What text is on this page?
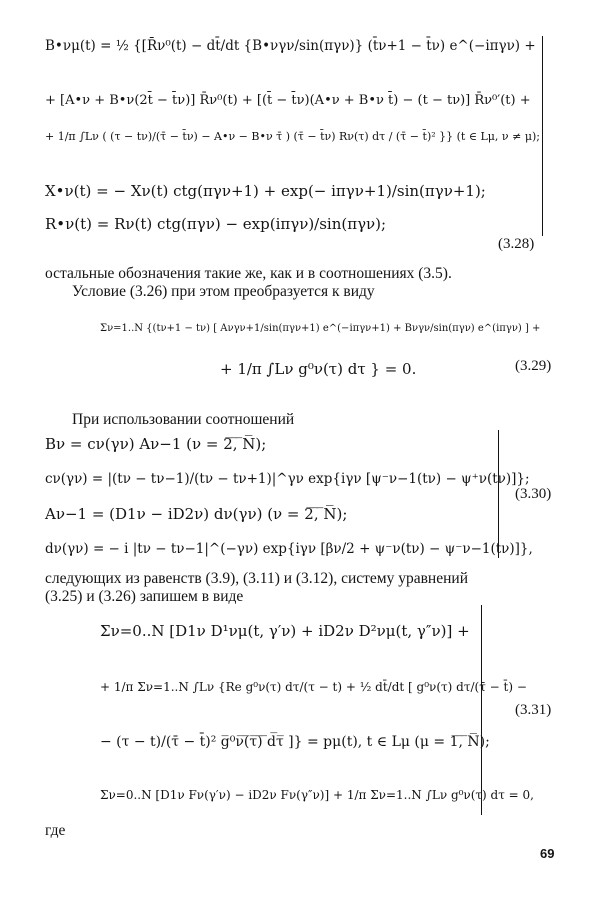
B•νμ(t) = ½ {[R̄ν⁰(t) − dt̄/dt {B•νγν/sin(πγν)} (t̄ν+1 − t̄ν) e^(−iπγν) +
+ [A•ν + B•ν(2t̄ − t̄ν)] R̄ν⁰(t) + [(t̄ − t̄ν)(A•ν + B•ν t̄) − (t − tν)] R̄ν⁰′(t) +
+ 1/π ∫Lν ( (τ − tν)/(τ̄ − t̄ν) − A•ν − B•ν τ̄ ) (τ̄ − t̄ν) Rν(τ) dτ / (τ̄ − t̄)² }} (t ∈ Lμ, ν ≠ μ);
X•ν(t) = − Xν(t) ctg(πγν+1) + exp(− iπγν+1)/sin(πγν+1);
R•ν(t) = Rν(t) ctg(πγν) − exp(iπγν)/sin(πγν);
(3.28)
остальные обозначения такие же, как и в соотношениях (3.5).
Условие (3.26) при этом преобразуется к виду
Σν=1..N {(tν+1 − tν) [ Aνγν+1/sin(πγν+1) e^(−iπγν+1) + Bνγν/sin(πγν) e^(iπγν) ] +
+ 1/π ∫Lν g⁰ν(τ) dτ } = 0.	(3.29)
При использовании соотношений
Bν = cν(γν) Aν−1 (ν = 2̅,̅ ̅N̅);
cν(γν) = |(tν − tν−1)/(tν − tν+1)|^γν exp{iγν [ψ⁻ν−1(tν) − ψ⁺ν(tν)]};
Aν−1 = (D1ν − iD2ν) dν(γν) (ν = 2̅,̅ ̅N̅);
dν(γν) = − i |tν − tν−1|^(−γν) exp{iγν [βν/2 + ψ⁻ν(tν) − ψ⁻ν−1(tν)]},
(3.30)
следующих из равенств (3.9), (3.11) и (3.12), систему уравнений
(3.25) и (3.26) запишем в виде
Σν=0..N [D1ν D¹νμ(t, γ′ν) + iD2ν D²νμ(t, γ″ν)] +
+ 1/π Σν=1..N ∫Lν {Re g⁰ν(τ) dτ/(τ − t) + ½ dt̄/dt [ g⁰ν(τ) dτ/(τ̄ − t̄) −
− (τ − t)/(τ̄ − t̄)² g̅⁰ν̅(̅τ̅)̅ ̅d̅τ̅ ]} = pμ(t), t ∈ Lμ (μ = 1̅,̅ ̅N̅);
Σν=0..N [D1ν Fν(γ′ν) − iD2ν Fν(γ″ν)] + 1/π Σν=1..N ∫Lν g⁰ν(τ) dτ = 0,
(3.31)
где
69
